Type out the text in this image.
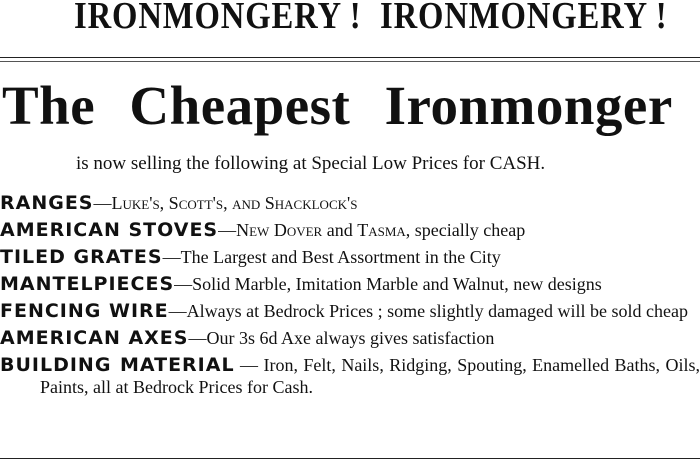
IRONMONGERY ! IRONMONGERY !
The Cheapest Ironmonger
is now selling the following at Special Low Prices for CASH.
RANGES—Luke's, Scott's, and Shacklock's
AMERICAN STOVES—New Dover and Tasma, specially cheap
TILED GRATES—The Largest and Best Assortment in the City
MANTELPIECES—Solid Marble, Imitation Marble and Walnut, new designs
FENCING WIRE—Always at Bedrock Prices ; some slightly damaged will be sold cheap
AMERICAN AXES—Our 3s 6d Axe always gives satisfaction
BUILDING MATERIAL — Iron, Felt, Nails, Ridging, Spouting, Enamelled Baths, Oils, Paints, all at Bedrock Prices for Cash.
